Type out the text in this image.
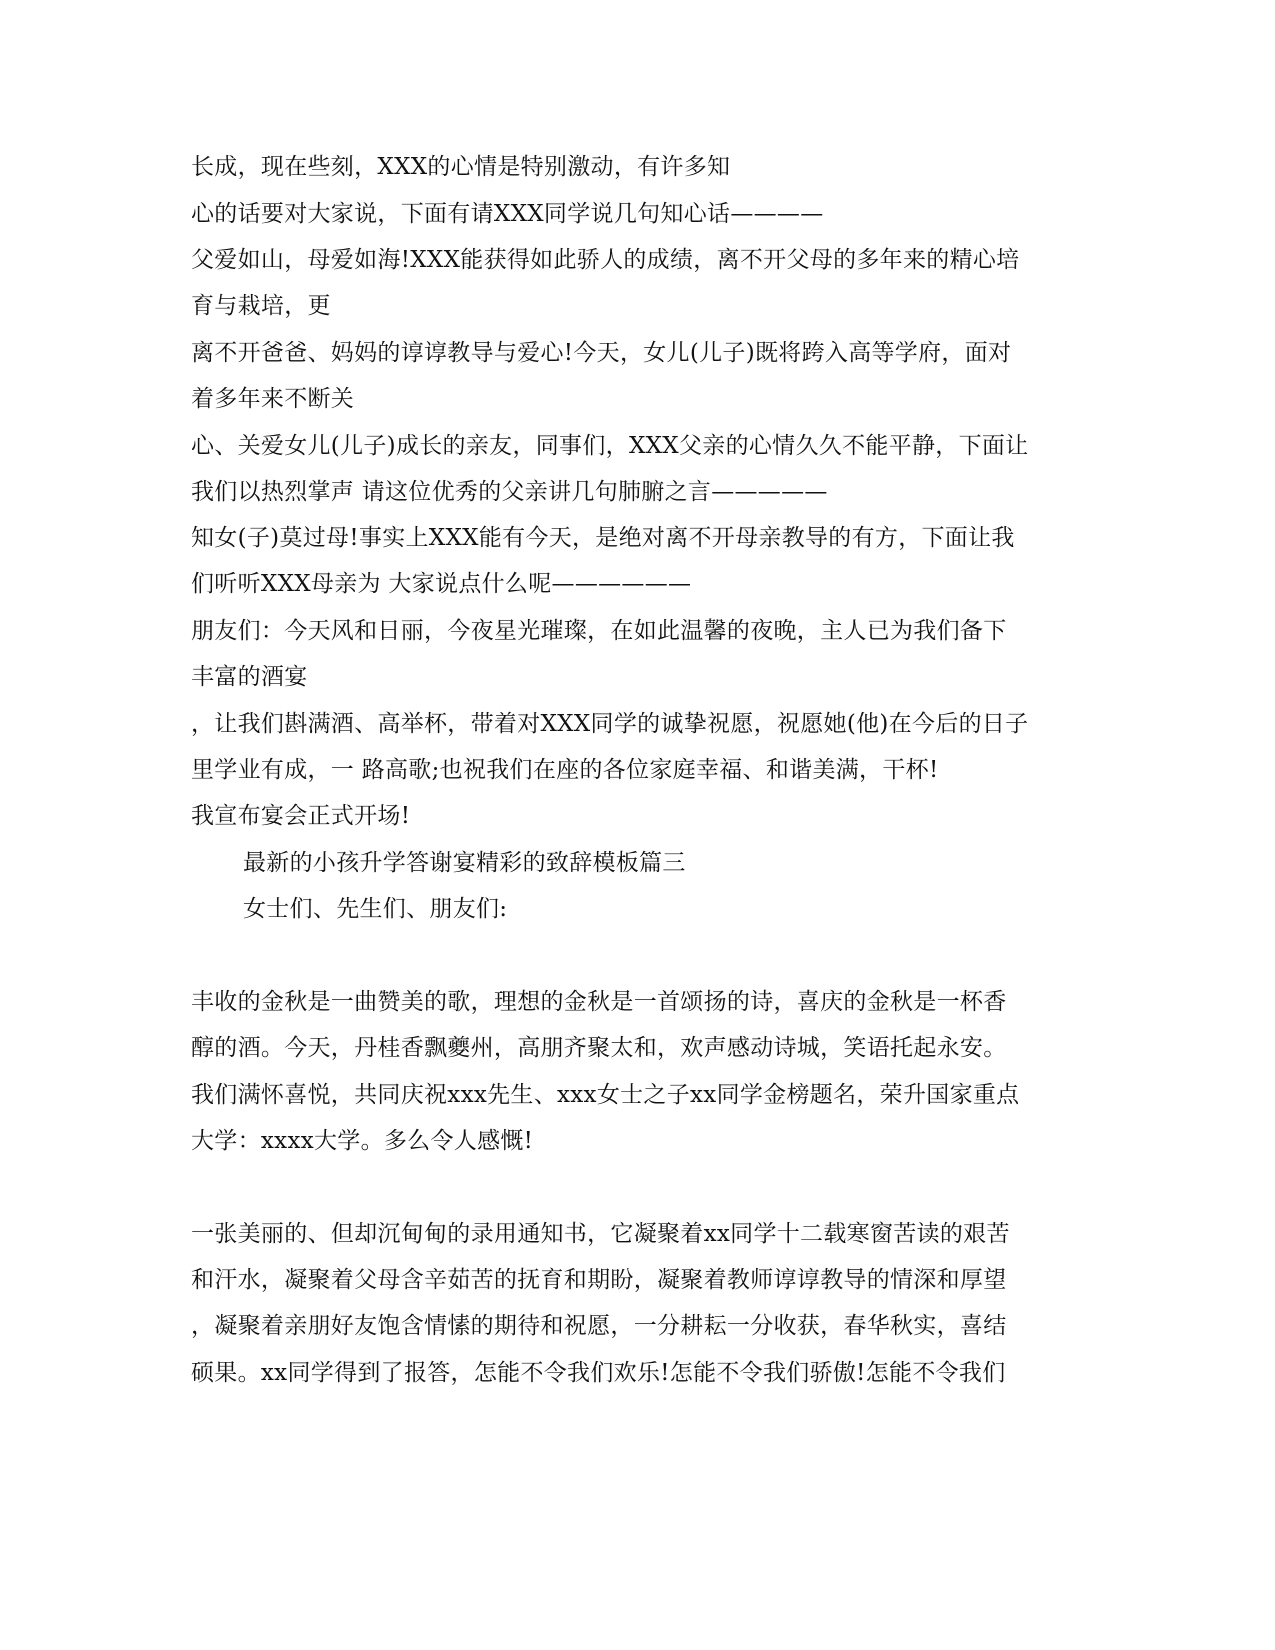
长成，现在些刻，XXX的心情是特别激动，有许多知
心的话要对大家说，下面有请XXX同学说几句知心话————
父爱如山，母爱如海!XXX能获得如此骄人的成绩，离不开父母的多年来的精心培
育与栽培，更
离不开爸爸、妈妈的谆谆教导与爱心!今天，女儿(儿子)既将跨入高等学府，面对
着多年来不断关
心、关爱女儿(儿子)成长的亲友，同事们，XXX父亲的心情久久不能平静，下面让
我们以热烈掌声 请这位优秀的父亲讲几句肺腑之言—————
知女(子)莫过母!事实上XXX能有今天，是绝对离不开母亲教导的有方，下面让我
们听听XXX母亲为 大家说点什么呢——————
朋友们：今天风和日丽，今夜星光璀璨，在如此温馨的夜晚，主人已为我们备下
丰富的酒宴
，让我们斟满酒、高举杯，带着对XXX同学的诚挚祝愿，祝愿她(他)在今后的日子
里学业有成，一 路高歌;也祝我们在座的各位家庭幸福、和谐美满，干杯!
我宣布宴会正式开场!
最新的小孩升学答谢宴精彩的致辞模板篇三
女士们、先生们、朋友们:
丰收的金秋是一曲赞美的歌，理想的金秋是一首颂扬的诗，喜庆的金秋是一杯香
醇的酒。今天，丹桂香飘夔州，高朋齐聚太和，欢声感动诗城，笑语托起永安。
我们满怀喜悦，共同庆祝xxx先生、xxx女士之子xx同学金榜题名，荣升国家重点
大学：xxxx大学。多么令人感慨!
一张美丽的、但却沉甸甸的录用通知书，它凝聚着xx同学十二载寒窗苦读的艰苦
和汗水，凝聚着父母含辛茹苦的抚育和期盼，凝聚着教师谆谆教导的情深和厚望
，凝聚着亲朋好友饱含情愫的期待和祝愿，一分耕耘一分收获，春华秋实，喜结
硕果。xx同学得到了报答，怎能不令我们欢乐!怎能不令我们骄傲!怎能不令我们
